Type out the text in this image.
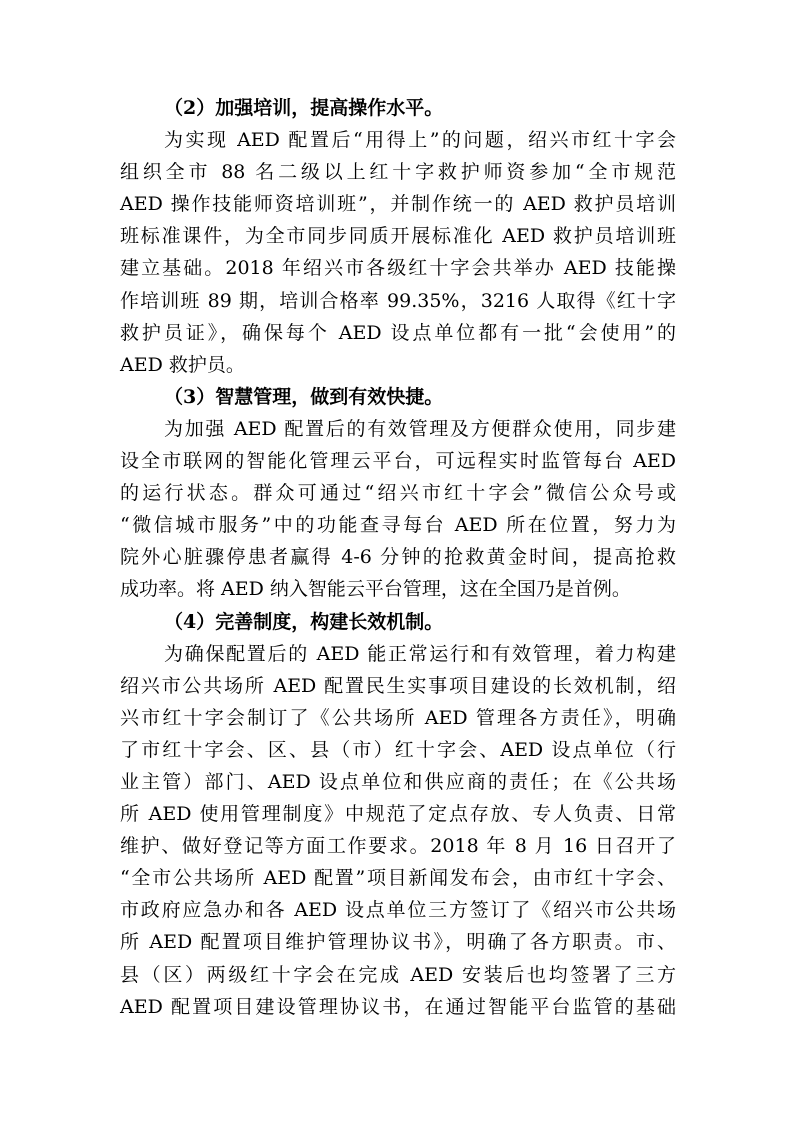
（2）加强培训，提高操作水平。
为实现 AED 配置后“用得上”的问题，绍兴市红十字会
组织全市 88 名二级以上红十字救护师资参加“全市规范
AED 操作技能师资培训班”，并制作统一的 AED 救护员培训
班标准课件，为全市同步同质开展标准化 AED 救护员培训班
建立基础。2018 年绍兴市各级红十字会共举办 AED 技能操
作培训班 89 期，培训合格率 99.35%，3216 人取得《红十字
救护员证》，确保每个 AED 设点单位都有一批“会使用”的
AED 救护员。
（3）智慧管理，做到有效快捷。
为加强 AED 配置后的有效管理及方便群众使用，同步建
设全市联网的智能化管理云平台，可远程实时监管每台 AED
的运行状态。群众可通过“绍兴市红十字会”微信公众号或
“微信城市服务”中的功能查寻每台 AED 所在位置，努力为
院外心脏骤停患者赢得 4-6 分钟的抢救黄金时间，提高抢救
成功率。将 AED 纳入智能云平台管理，这在全国乃是首例。
（4）完善制度，构建长效机制。
为确保配置后的 AED 能正常运行和有效管理，着力构建
绍兴市公共场所 AED 配置民生实事项目建设的长效机制，绍
兴市红十字会制订了《公共场所 AED 管理各方责任》，明确
了市红十字会、区、县（市）红十字会、AED 设点单位（行
业主管）部门、AED 设点单位和供应商的责任；在《公共场
所 AED 使用管理制度》中规范了定点存放、专人负责、日常
维护、做好登记等方面工作要求。2018 年 8 月 16 日召开了
“全市公共场所 AED 配置”项目新闻发布会，由市红十字会、
市政府应急办和各 AED 设点单位三方签订了《绍兴市公共场
所 AED 配置项目维护管理协议书》，明确了各方职责。市、
县（区）两级红十字会在完成 AED 安装后也均签署了三方
AED 配置项目建设管理协议书，在通过智能平台监管的基础
